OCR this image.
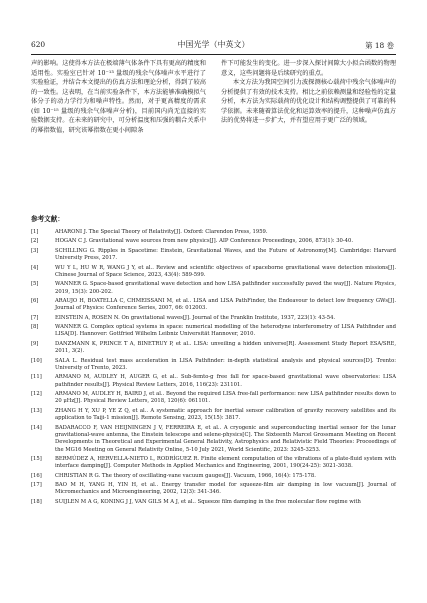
620	中国光学（中英文）	第 18 卷

声的影响。这使得本方法在极端薄气体条件下具有更高的精度和适用性。实验室已针对 10⁻¹³ 量级的残余气体噪声水平进行了实验验证，并结合本文提出的仿真方法和理论分析，得到了较高的一致性。这表明，在当前实验条件下，本方法能够准确模拟气体分子的动力学行为和噪声特性。然而，对于更高精度的需求(如 10⁻¹⁵ 量级的残余气体噪声分析)，目前国内尚无直接的实验数据支持。在未来的研究中，可分析温度和压强的耦合关系中的幂指数值，研究该幂指数在更小间隙条

件下可能发生的变化。进一步深入探讨间隙大小拟合函数的物理意义，这些问题将是后续研究的重点。

本文方法为我国空间引力波探测核心载荷中残余气体噪声的分析提供了有效的技术支持。相比之前依赖测量和经验性的定量分析，本方法为实际载荷的优化设计和结构调整提供了可靠的科学依据。未来随着算法优化和运算效率的提升，这种噪声仿真方法的优势将进一步扩大，并有望应用于更广泛的领域。

参考文献：
[1]	AHARONI J. The Special Theory of Relativity[J]. Oxford: Clarendon Press, 1959.
[2]	HOGAN C J. Gravitational wave sources from new physics[J]. AIP Conference Proceedings, 2006, 873(1): 30-40.
[3]	SCHILLING G. Ripples in Spacetime: Einstein, Gravitational Waves, and the Future of Astronomy[M]. Cambridge: Harvard University Press, 2017.
[4]	WU Y L, HU W R, WANG J Y, et al.. Review and scientific objectives of spaceborne gravitational wave detection missions[J]. Chinese Journal of Space Science, 2023, 43(4): 589-599.
[5]	WANNER G. Space-based gravitational wave detection and how LISA pathfinder successfully paved the way[J]. Nature Physics, 2019, 15(3): 200-202.
[6]	ARAUJO H, BOATELLA C, CHMEISSANI M, et al.. LISA and LISA PathFinder, the Endeavour to detect low frequency GWs[J]. Journal of Physics: Conference Series, 2007, 66: 012003.
[7]	EINSTEIN A, ROSEN N. On gravitational waves[J]. Journal of the Franklin Institute, 1937, 223(1): 43-54.
[8]	WANNER G. Complex optical systems in space: numerical modelling of the heterodyne interferometry of LISA Pathfinder and LISA[D]. Hannover: Gottfried Wilhelm Leibniz Universität Hannover, 2010.
[9]	DANZMANN K, PRINCE T A, BINETRUY P, et al.. LISA: unveiling a hidden universe[R]. Assessment Study Report ESA/SRE, 2011, 3(2).
[10]	SALA L. Residual test mass acceleration in LISA Pathfinder: in-depth statistical analysis and physical sources[D]. Trento: University of Trento, 2023.
[11]	ARMANO M, AUDLEY H, AUGER G, et al.. Sub-femto-g free fall for space-based gravitational wave observatories: LISA pathfinder results[J]. Physical Review Letters, 2016, 116(23): 231101.
[12]	ARMANO M, AUDLEY H, BAIRD J, et al.. Beyond the required LISA free-fall performance: new LISA pathfinder results down to 20 μHz[J]. Physical Review Letters, 2018, 120(6): 061101.
[13]	ZHANG H Y, XU P, YE Z Q, et al.. A systematic approach for inertial sensor calibration of gravity recovery satellites and its application to Taiji-1 mission[J]. Remote Sensing, 2023, 15(15): 3817.
[14]	BADARACCO F, VAN HEIJNINGEN J V, FERREIRA E, et al.. A cryogenic and superconducting inertial sensor for the lunar gravitational-wave antenna, the Einstein telescope and selene-physics[C]. The Sixteenth Marcel Grossmann Meeting on Recent Developments in Theoretical and Experimental General Relativity, Astrophysics and Relativistic Field Theories: Proceedings of the MG16 Meeting on General Relativity Online, 5-10 July 2021, World Scientific, 2023: 3245-3253.
[15]	BERMÚDEZ A, HERVELLA-NIETO L, RODRÍGUEZ R. Finite element computation of the vibrations of a plate-fluid system with interface damping[J]. Computer Methods in Applied Mechanics and Engineering, 2001, 190(24-25): 3021-3038.
[16]	CHRISTIAN R G. The theory of oscillating-vane vacuum gauges[J]. Vacuum, 1966, 16(4): 175-178.
[17]	BAO M H, YANG H, YIN H, et al.. Energy transfer model for squeeze-film air damping in low vacuum[J]. Journal of Micromechanics and Microengineering, 2002, 12(3): 341-346.
[18]	SUIJLEN M A G, KONING J J, VAN GILS M A J, et al.. Squeeze film damping in the free molecular flow regime with
